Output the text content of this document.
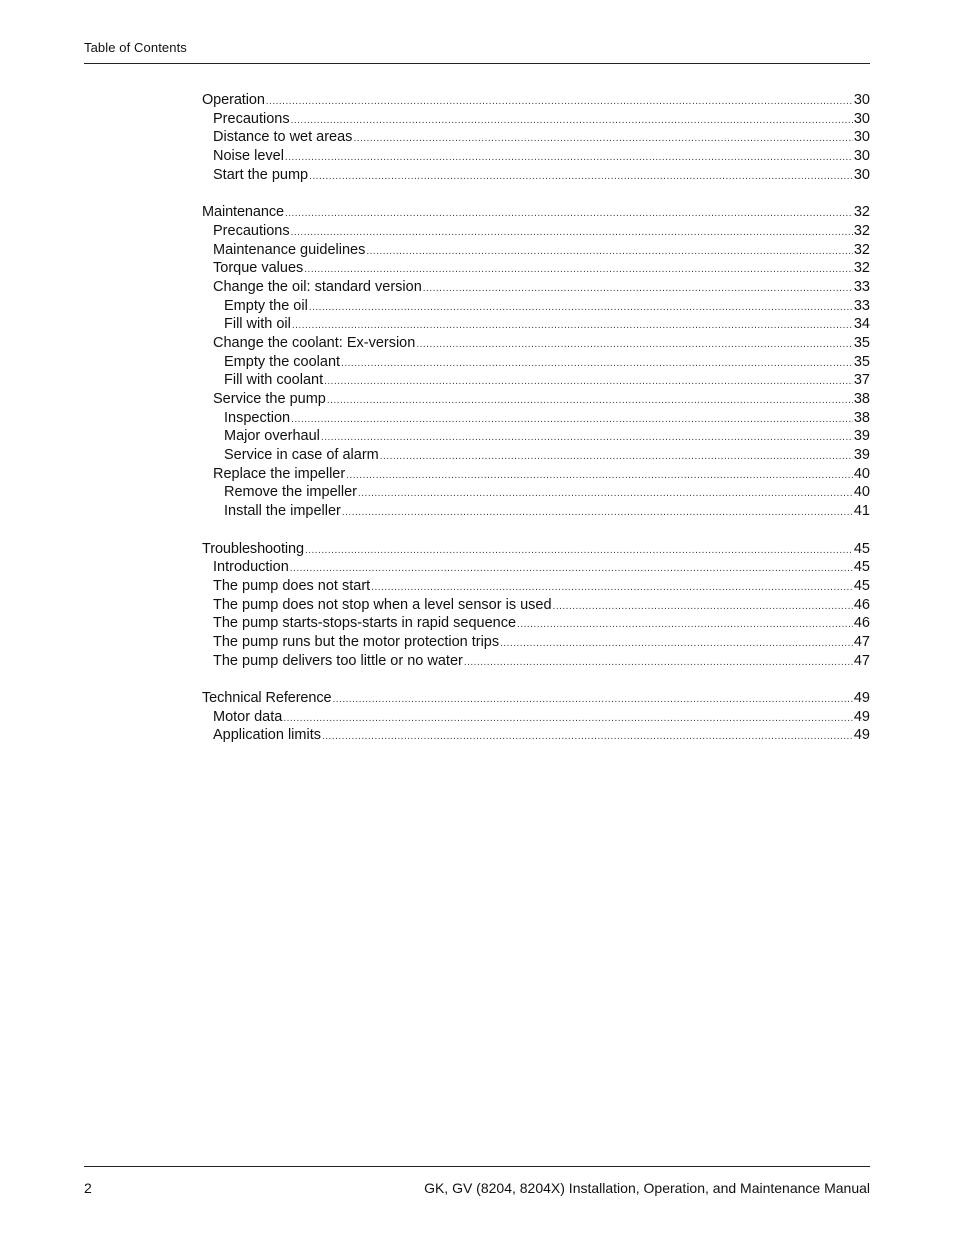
Table of Contents
Operation .....	30
Precautions .....	30
Distance to wet areas .....	30
Noise level .....	30
Start the pump .....	30
Maintenance .....	32
Precautions .....	32
Maintenance guidelines .....	32
Torque values .....	32
Change the oil: standard version .....	33
Empty the oil .....	33
Fill with oil .....	34
Change the coolant: Ex-version .....	35
Empty the coolant .....	35
Fill with coolant .....	37
Service the pump .....	38
Inspection .....	38
Major overhaul .....	39
Service in case of alarm .....	39
Replace the impeller .....	40
Remove the impeller .....	40
Install the impeller .....	41
Troubleshooting .....	45
Introduction .....	45
The pump does not start .....	45
The pump does not stop when a level sensor is used .....	46
The pump starts-stops-starts in rapid sequence .....	46
The pump runs but the motor protection trips .....	47
The pump delivers too little or no water .....	47
Technical Reference .....	49
Motor data .....	49
Application limits .....	49
2	GK, GV (8204, 8204X) Installation, Operation, and Maintenance Manual
